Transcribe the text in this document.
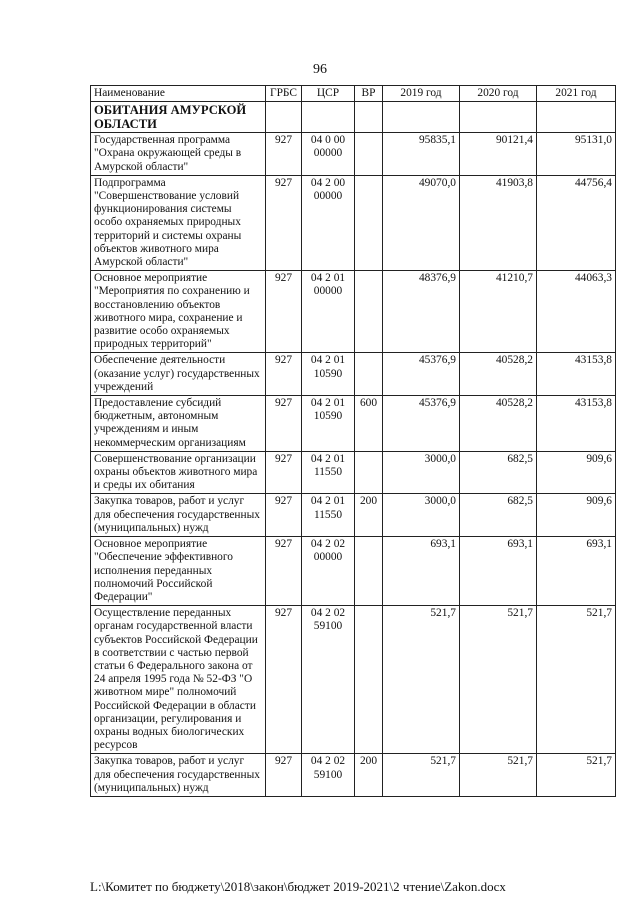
96
Наименование	ГРБС	ЦСР	ВР	2019 год	2020 год	2021 год
ОБИТАНИЯ АМУРСКОЙ ОБЛАСТИ						
Государственная программа "Охрана окружающей среды в Амурской области"	927	04 0 00 00000		95835,1	90121,4	95131,0
Подпрограмма "Совершенствование условий функционирования системы особо охраняемых природных территорий и системы охраны объектов животного мира Амурской области"	927	04 2 00 00000		49070,0	41903,8	44756,4
Основное мероприятие "Мероприятия по сохранению и восстановлению объектов животного мира, сохранение и развитие особо охраняемых природных территорий"	927	04 2 01 00000		48376,9	41210,7	44063,3
Обеспечение деятельности (оказание услуг) государственных учреждений	927	04 2 01 10590		45376,9	40528,2	43153,8
Предоставление субсидий бюджетным, автономным учреждениям и иным некоммерческим организациям	927	04 2 01 10590	600	45376,9	40528,2	43153,8
Совершенствование организации охраны объектов животного мира и среды их обитания	927	04 2 01 11550		3000,0	682,5	909,6
Закупка товаров, работ и услуг для обеспечения государственных (муниципальных) нужд	927	04 2 01 11550	200	3000,0	682,5	909,6
Основное мероприятие "Обеспечение эффективного исполнения переданных полномочий Российской Федерации"	927	04 2 02 00000		693,1	693,1	693,1
Осуществление переданных органам государственной власти субъектов Российской Федерации в соответствии с частью первой статьи 6 Федерального закона от 24 апреля 1995 года № 52-ФЗ "О животном мире" полномочий Российской Федерации в области организации, регулирования и охраны водных биологических ресурсов	927	04 2 02 59100		521,7	521,7	521,7
Закупка товаров, работ и услуг для обеспечения государственных (муниципальных) нужд	927	04 2 02 59100	200	521,7	521,7	521,7
L:\Комитет по бюджету\2018\закон\бюджет 2019-2021\2 чтение\Zakon.docx
